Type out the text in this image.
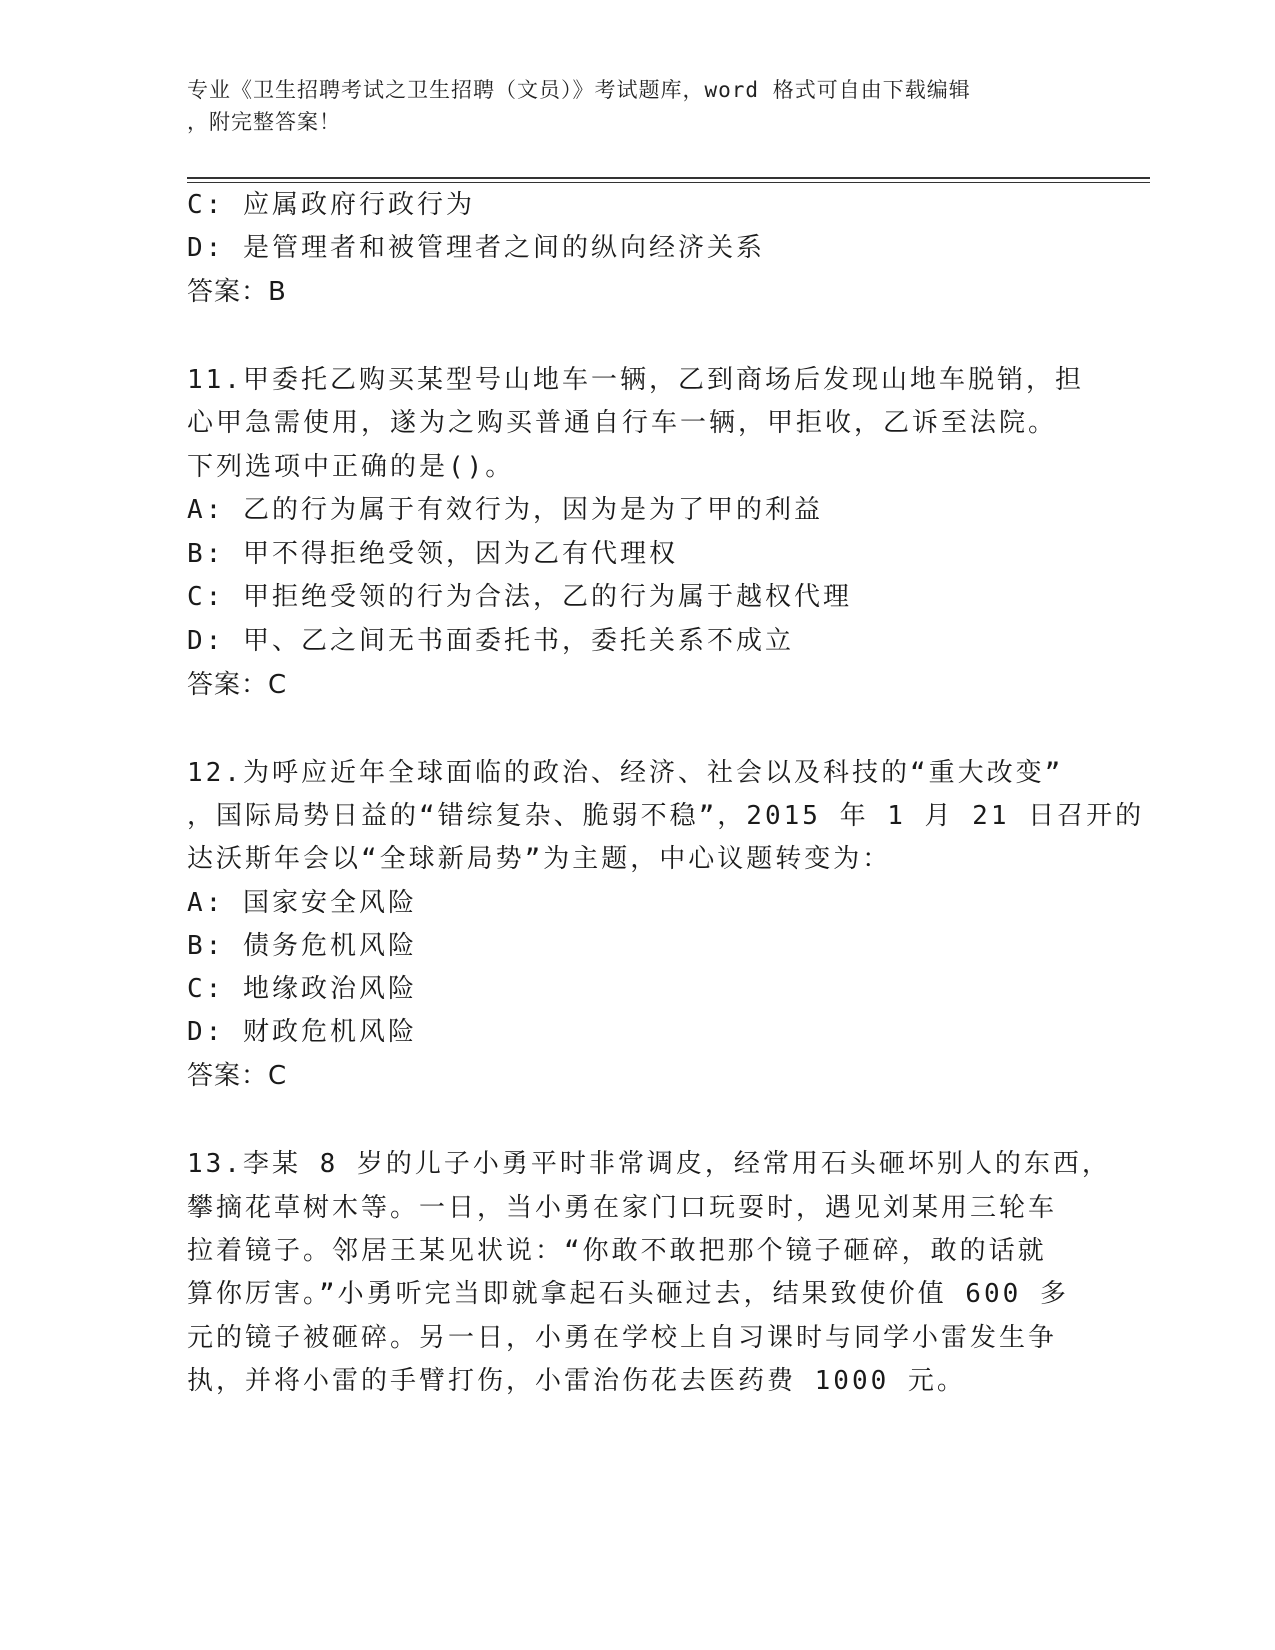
专业《卫生招聘考试之卫生招聘（文员）》考试题库，word 格式可自由下载编辑
，附完整答案！
C: 应属政府行政行为
D: 是管理者和被管理者之间的纵向经济关系
答案：B
11.甲委托乙购买某型号山地车一辆，乙到商场后发现山地车脱销，担
心甲急需使用，遂为之购买普通自行车一辆，甲拒收，乙诉至法院。
下列选项中正确的是()。
A: 乙的行为属于有效行为，因为是为了甲的利益
B: 甲不得拒绝受领，因为乙有代理权
C: 甲拒绝受领的行为合法，乙的行为属于越权代理
D: 甲、乙之间无书面委托书，委托关系不成立
答案：C
12.为呼应近年全球面临的政治、经济、社会以及科技的“重大改变”
，国际局势日益的“错综复杂、脆弱不稳”，2015 年 1 月 21 日召开的
达沃斯年会以“全球新局势”为主题，中心议题转变为：
A: 国家安全风险
B: 债务危机风险
C: 地缘政治风险
D: 财政危机风险
答案：C
13.李某 8 岁的儿子小勇平时非常调皮，经常用石头砸坏别人的东西，
攀摘花草树木等。一日，当小勇在家门口玩耍时，遇见刘某用三轮车
拉着镜子。邻居王某见状说：“你敢不敢把那个镜子砸碎，敢的话就
算你厉害。”小勇听完当即就拿起石头砸过去，结果致使价值 600 多
元的镜子被砸碎。另一日，小勇在学校上自习课时与同学小雷发生争
执，并将小雷的手臂打伤，小雷治伤花去医药费 1000 元。
